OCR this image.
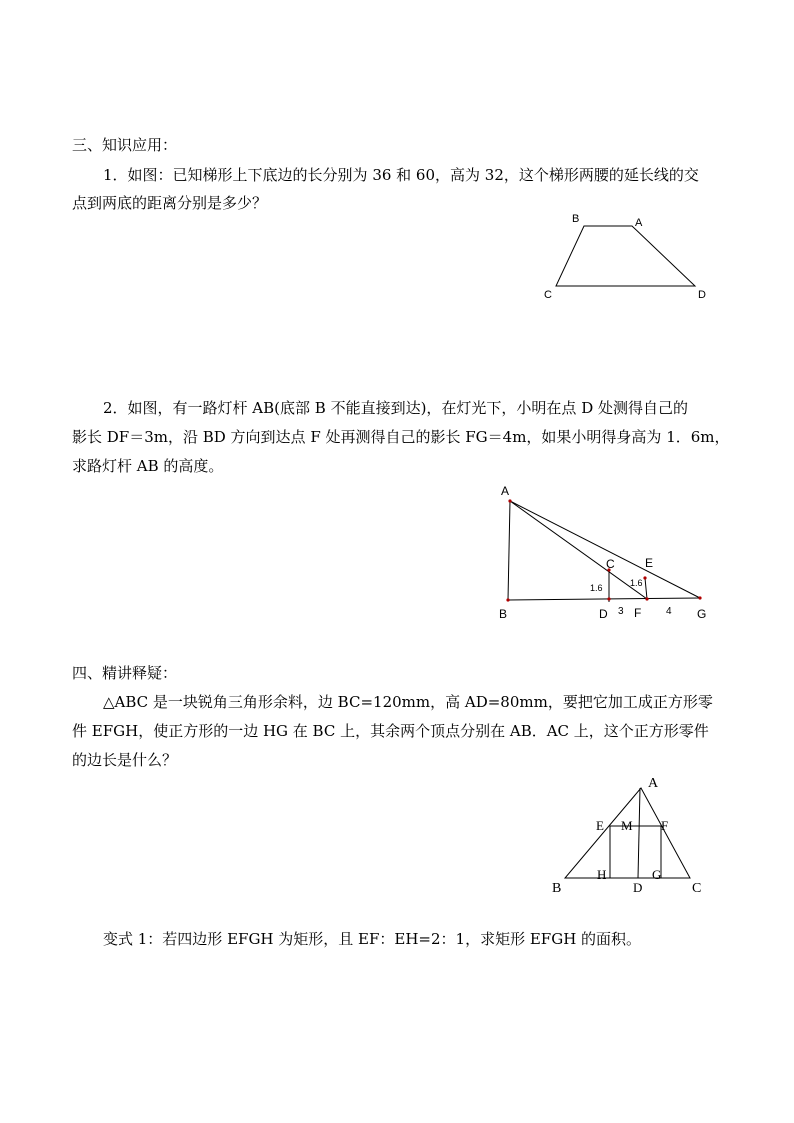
三、知识应用：
1．如图：已知梯形上下底边的长分别为 36 和 60，高为 32，这个梯形两腰的延长线的交
点到两底的距离分别是多少？
B	A
C	D
2．如图，有一路灯杆 AB(底部 B 不能直接到达)，在灯光下，小明在点 D 处测得自己的
影长 DF＝3m，沿 BD 方向到达点 F 处再测得自己的影长 FG＝4m，如果小明得身高为 1．6m，
求路灯杆 AB 的高度。
A
B
C
D
E
F	G
1.6	1.6
3	4
四、精讲释疑：
△ABC 是一块锐角三角形余料，边 BC=120mm，高 AD=80mm，要把它加工成正方形零
件 EFGH，使正方形的一边 HG 在 BC 上，其余两个顶点分别在 AB．AC 上，这个正方形零件
的边长是什么？
A
B	C
D
E	F
G
H
M
变式 1：若四边形 EFGH 为矩形，且 EF：EH=2：1，求矩形 EFGH 的面积。
